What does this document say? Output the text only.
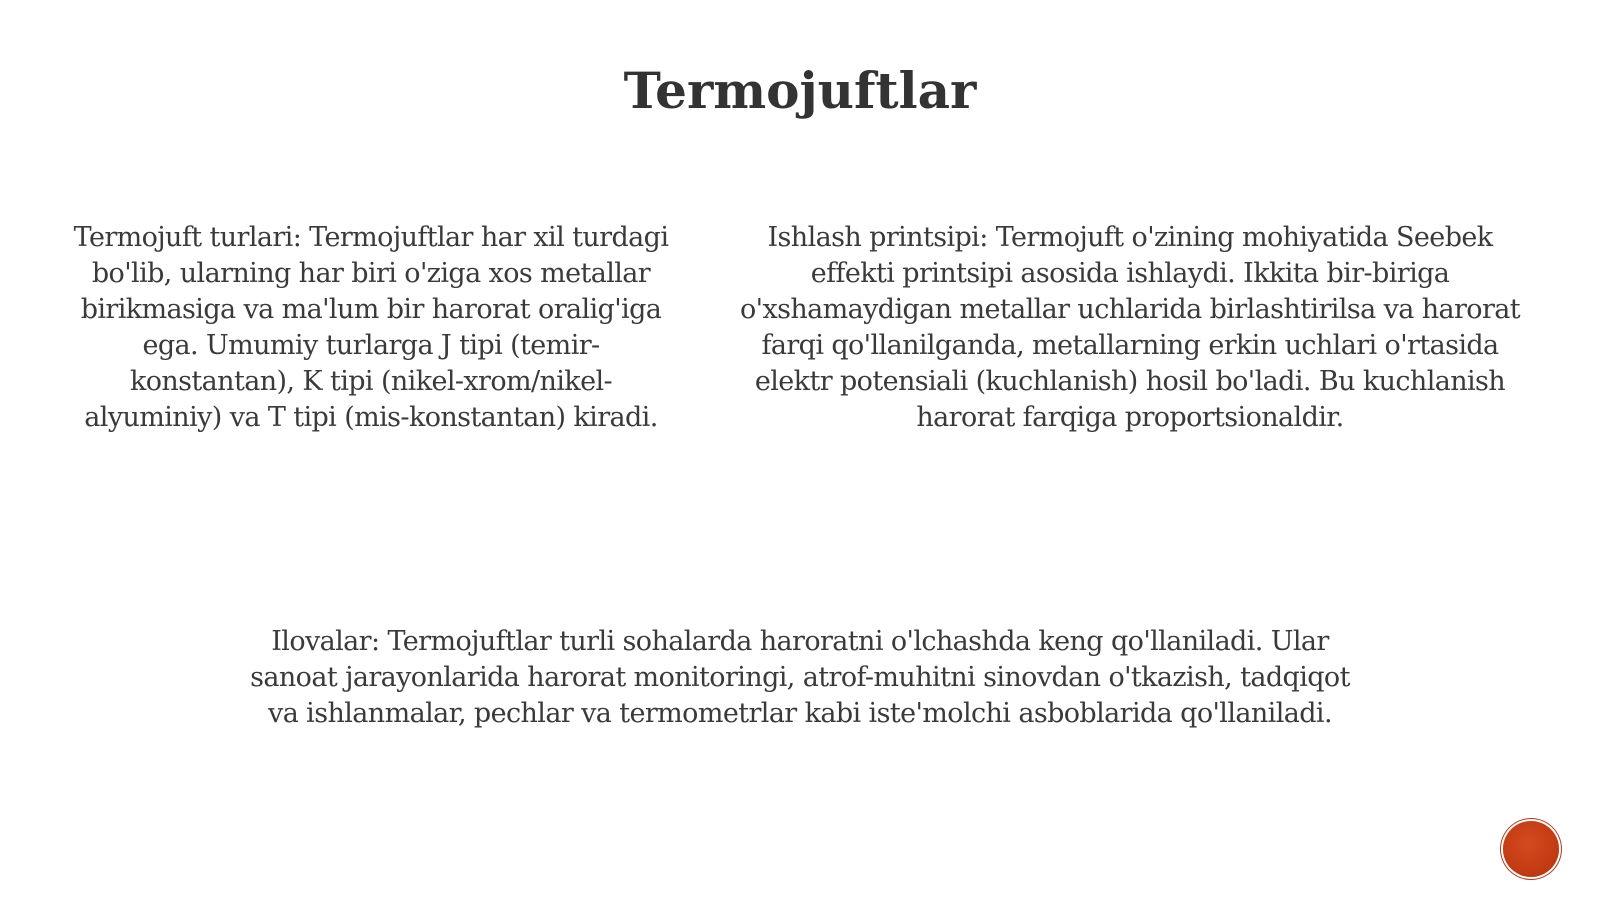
Termojuftlar

Termojuft turlari: Termojuftlar har xil turdagi bo'lib, ularning har biri o'ziga xos metallar birikmasiga va ma'lum bir harorat oralig'iga ega. Umumiy turlarga J tipi (temir-konstantan), K tipi (nikel-xrom/nikel-alyuminiy) va T tipi (mis-konstantan) kiradi.

Ishlash printsipi: Termojuft o'zining mohiyatida Seebek effekti printsipi asosida ishlaydi. Ikkita bir-biriga o'xshamaydigan metallar uchlarida birlashtirilsa va harorat farqi qo'llanilganda, metallarning erkin uchlari o'rtasida elektr potensiali (kuchlanish) hosil bo'ladi. Bu kuchlanish harorat farqiga proportsionaldir.

Ilovalar: Termojuftlar turli sohalarda haroratni o'lchashda keng qo'llaniladi. Ular sanoat jarayonlarida harorat monitoringi, atrof-muhitni sinovdan o'tkazish, tadqiqot va ishlanmalar, pechlar va termometrlar kabi iste'molchi asboblarida qo'llaniladi.
